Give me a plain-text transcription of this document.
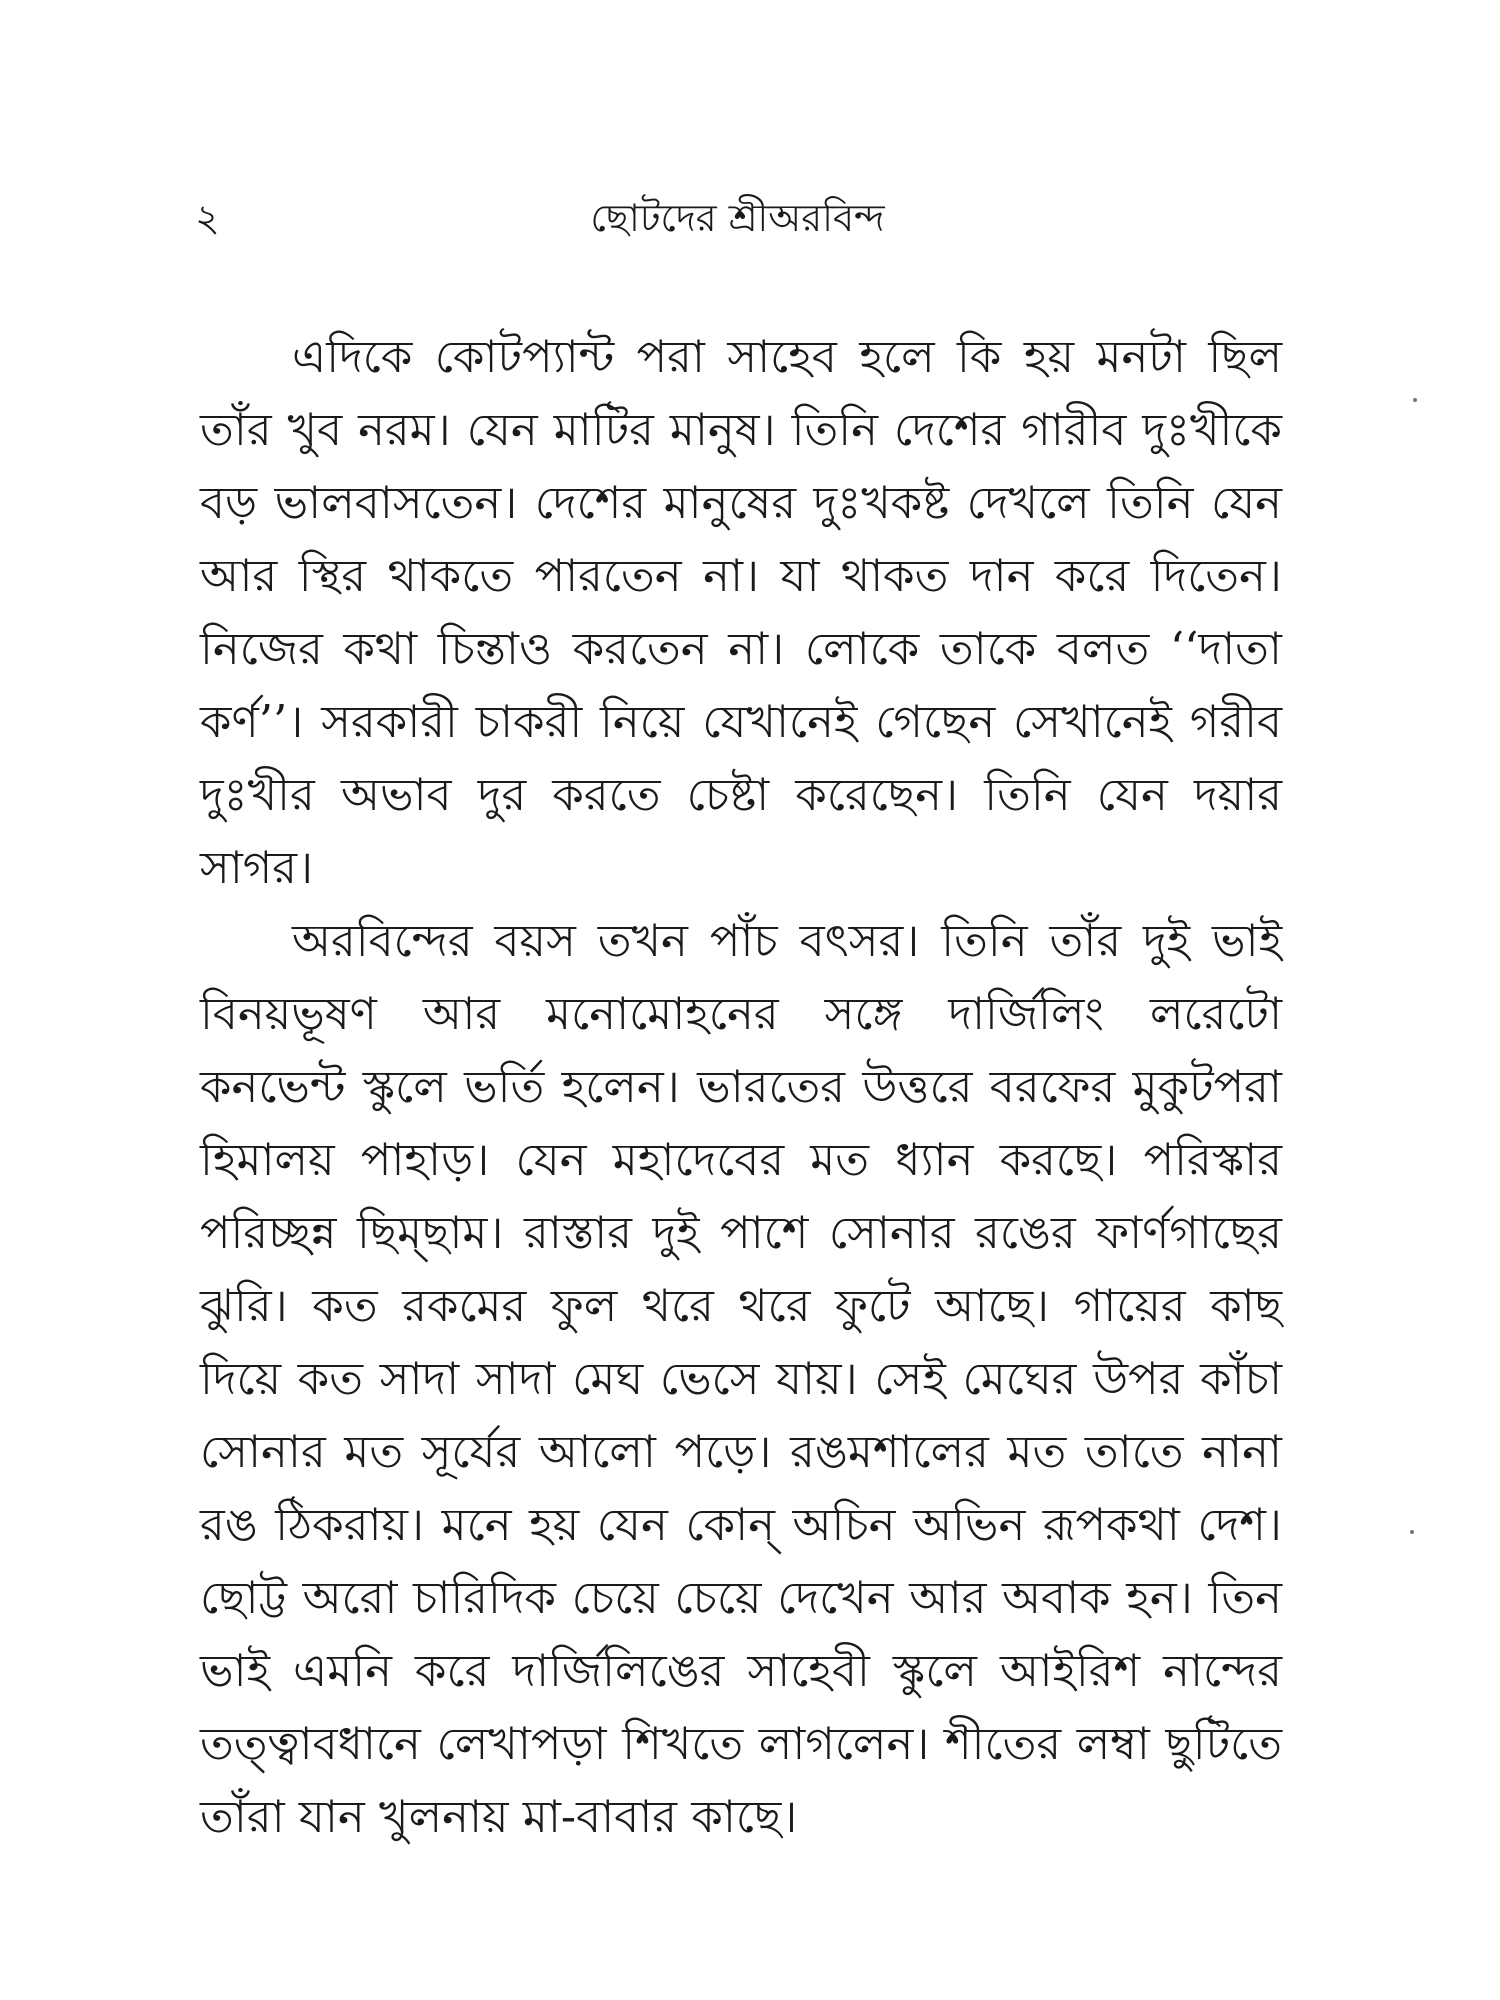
২	ছোটদের শ্রীঅরবিন্দ

এদিকে কোটপ্যান্ট পরা সাহেব হলে কি হয় মনটা ছিল তাঁর খুব নরম। যেন মাটির মানুষ। তিনি দেশের গারীব দুঃখীকে বড় ভালবাসতেন। দেশের মানুষের দুঃখকষ্ট দেখলে তিনি যেন আর স্থির থাকতে পারতেন না। যা থাকত দান করে দিতেন। নিজের কথা চিন্তাও করতেন না। লোকে তাকে বলত ‘‘দাতা কর্ণ’’। সরকারী চাকরী নিয়ে যেখানেই গেছেন সেখানেই গরীব দুঃখীর অভাব দুর করতে চেষ্টা করেছেন। তিনি যেন দয়ার সাগর।

অরবিন্দের বয়স তখন পাঁচ বৎসর। তিনি তাঁর দুই ভাই বিনয়ভূষণ আর মনোমোহনের সঙ্গে দার্জিলিং লরেটো কনভেন্ট স্কুলে ভর্তি হলেন। ভারতের উত্তরে বরফের মুকুটপরা হিমালয় পাহাড়। যেন মহাদেবের মত ধ্যান করছে। পরিস্কার পরিচ্ছন্ন ছিম্ছাম। রাস্তার দুই পাশে সোনার রঙের ফার্ণগাছের ঝুরি। কত রকমের ফুল থরে থরে ফুটে আছে। গায়ের কাছ দিয়ে কত সাদা সাদা মেঘ ভেসে যায়। সেই মেঘের উপর কাঁচা সোনার মত সূর্যের আলো পড়ে। রঙমশালের মত তাতে নানা রঙ ঠিকরায়। মনে হয় যেন কোন্ অচিন অভিন রূপকথা দেশ। ছোট্ট অরো চারিদিক চেয়ে চেয়ে দেখেন আর অবাক হন। তিন ভাই এমনি করে দার্জিলিঙের সাহেবী স্কুলে আইরিশ নান্দের তত্ত্বাবধানে লেখাপড়া শিখতে লাগলেন। শীতের লম্বা ছুটিতে তাঁরা যান খুলনায় মা-বাবার কাছে।
